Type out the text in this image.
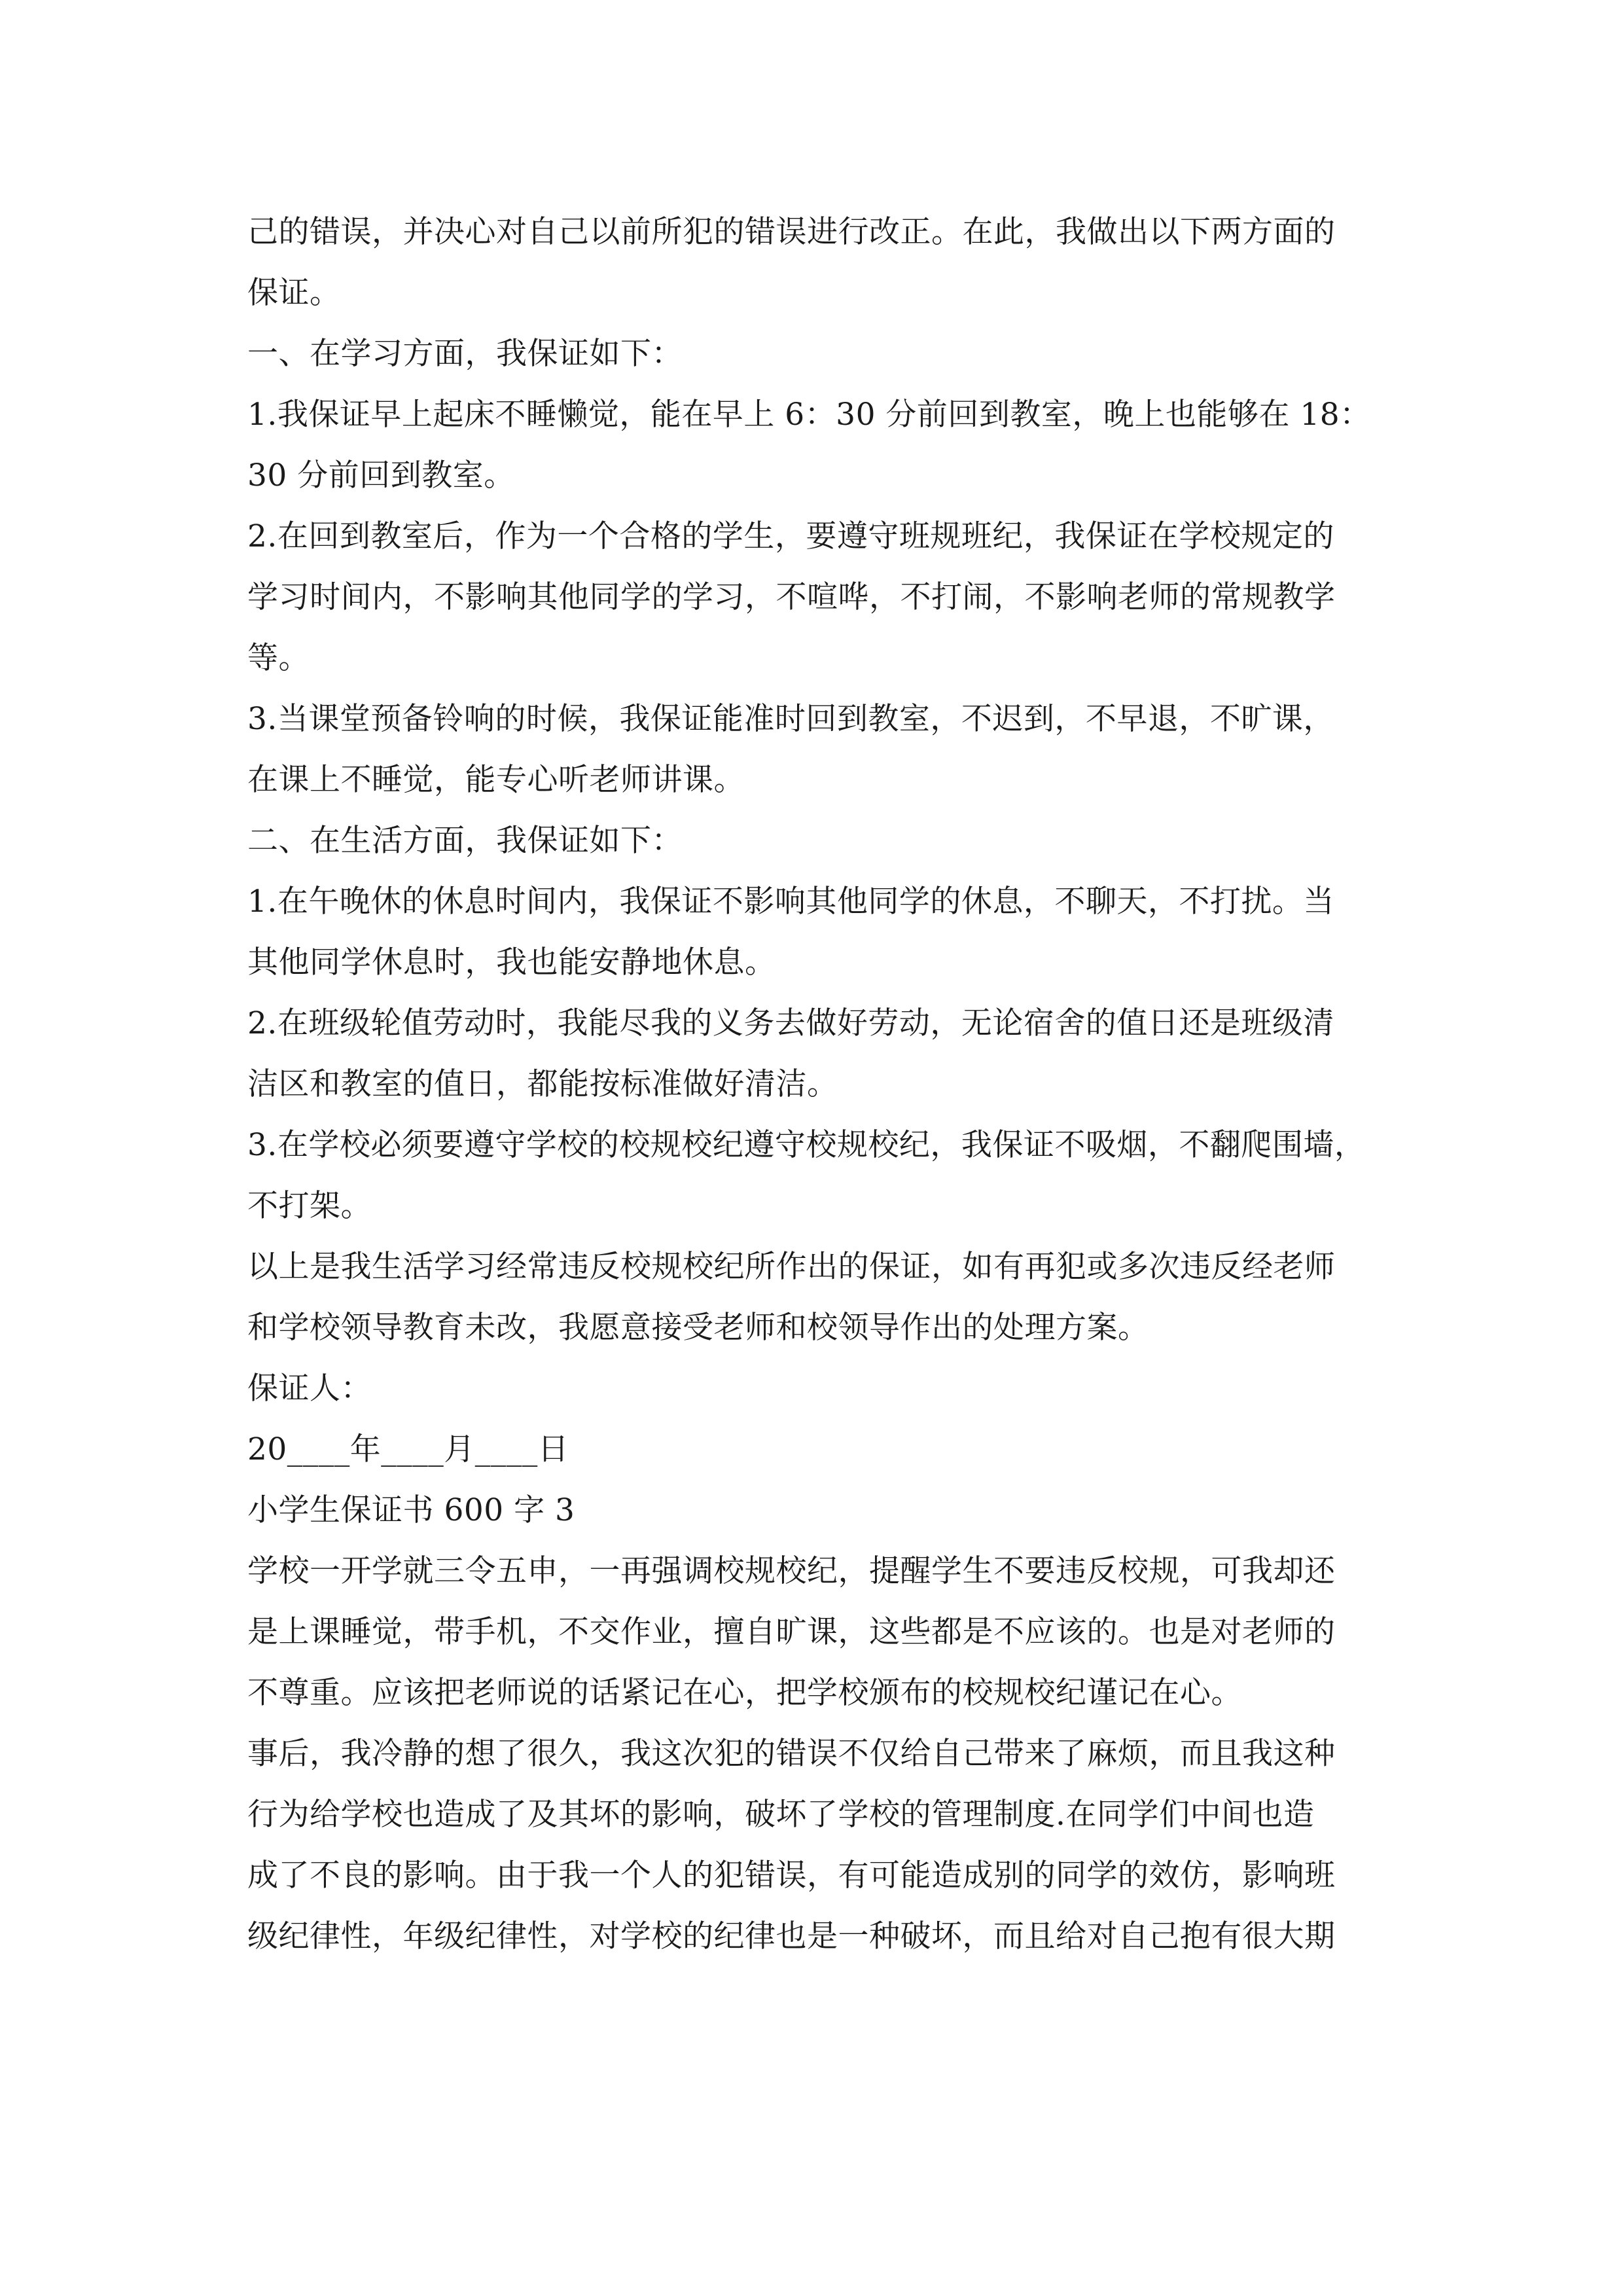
己的错误，并决心对自己以前所犯的错误进行改正。在此，我做出以下两方面的
保证。
一、在学习方面，我保证如下：
1.我保证早上起床不睡懒觉，能在早上 6：30 分前回到教室，晚上也能够在 18：
30 分前回到教室。
2.在回到教室后，作为一个合格的学生，要遵守班规班纪，我保证在学校规定的
学习时间内，不影响其他同学的学习，不喧哗，不打闹，不影响老师的常规教学
等。
3.当课堂预备铃响的时候，我保证能准时回到教室，不迟到，不早退，不旷课，
在课上不睡觉，能专心听老师讲课。
二、在生活方面，我保证如下：
1.在午晚休的休息时间内，我保证不影响其他同学的休息，不聊天，不打扰。当
其他同学休息时，我也能安静地休息。
2.在班级轮值劳动时，我能尽我的义务去做好劳动，无论宿舍的值日还是班级清
洁区和教室的值日，都能按标准做好清洁。
3.在学校必须要遵守学校的校规校纪遵守校规校纪，我保证不吸烟，不翻爬围墙，
不打架。
以上是我生活学习经常违反校规校纪所作出的保证，如有再犯或多次违反经老师
和学校领导教育未改，我愿意接受老师和校领导作出的处理方案。
保证人：
20____年____月____日
小学生保证书 600 字 3
学校一开学就三令五申，一再强调校规校纪，提醒学生不要违反校规，可我却还
是上课睡觉，带手机，不交作业，擅自旷课，这些都是不应该的。也是对老师的
不尊重。应该把老师说的话紧记在心，把学校颁布的校规校纪谨记在心。
事后，我冷静的想了很久，我这次犯的错误不仅给自己带来了麻烦，而且我这种
行为给学校也造成了及其坏的影响，破坏了学校的管理制度.在同学们中间也造
成了不良的影响。由于我一个人的犯错误，有可能造成别的同学的效仿，影响班
级纪律性，年级纪律性，对学校的纪律也是一种破坏，而且给对自己抱有很大期
